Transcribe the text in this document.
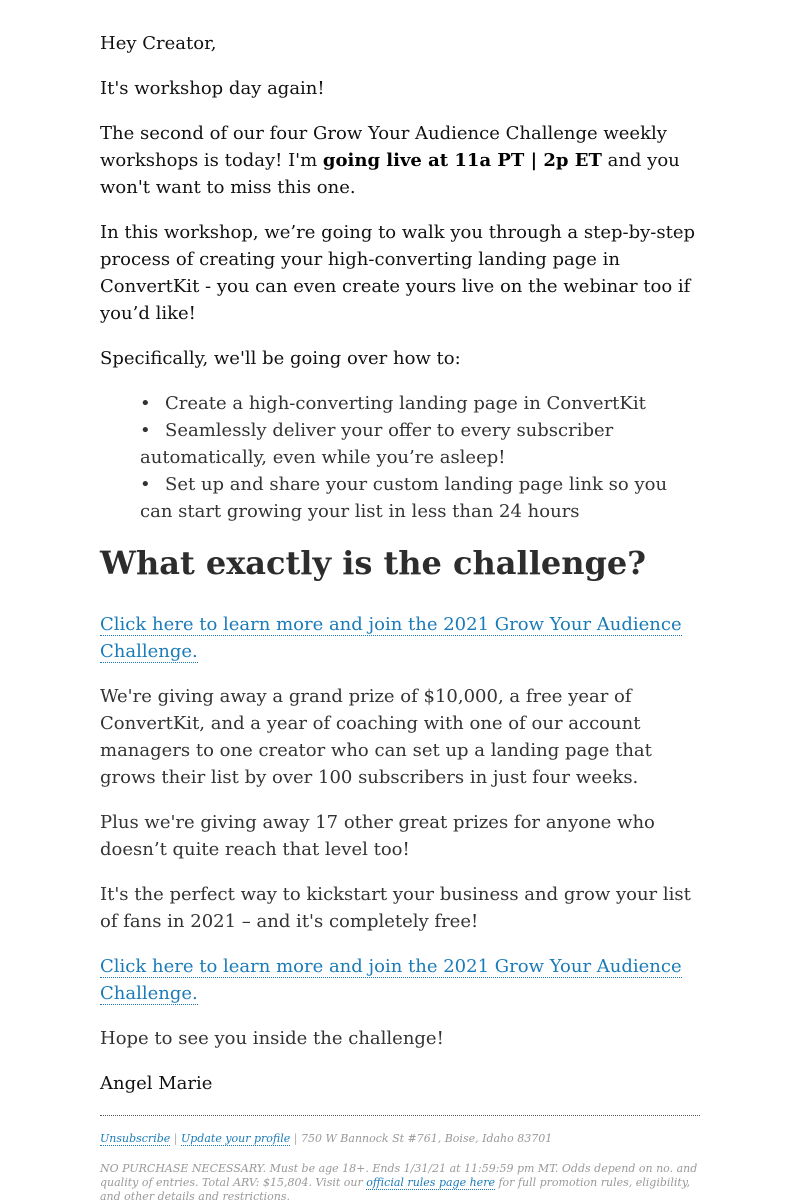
Hey Creator,

It's workshop day again!

The second of our four Grow Your Audience Challenge weekly workshops is today! I'm going live at 11a PT | 2p ET and you won't want to miss this one.

In this workshop, we’re going to walk you through a step-by-step process of creating your high-converting landing page in ConvertKit - you can even create yours live on the webinar too if you’d like!

Specifically, we'll be going over how to:

• Create a high-converting landing page in ConvertKit
• Seamlessly deliver your offer to every subscriber automatically, even while you’re asleep!
• Set up and share your custom landing page link so you can start growing your list in less than 24 hours
What exactly is the challenge?

Click here to learn more and join the 2021 Grow Your Audience Challenge.

We're giving away a grand prize of $10,000, a free year of ConvertKit, and a year of coaching with one of our account managers to one creator who can set up a landing page that grows their list by over 100 subscribers in just four weeks.

Plus we're giving away 17 other great prizes for anyone who doesn’t quite reach that level too!

It's the perfect way to kickstart your business and grow your list of fans in 2021 – and it's completely free!

Click here to learn more and join the 2021 Grow Your Audience Challenge.

Hope to see you inside the challenge!

Angel Marie

Unsubscribe | Update your profile | 750 W Bannock St #761, Boise, Idaho 83701

NO PURCHASE NECESSARY. Must be age 18+. Ends 1/31/21 at 11:59:59 pm MT. Odds depend on no. and quality of entries. Total ARV: $15,804. Visit our official rules page here for full promotion rules, eligibility, and other details and restrictions.
